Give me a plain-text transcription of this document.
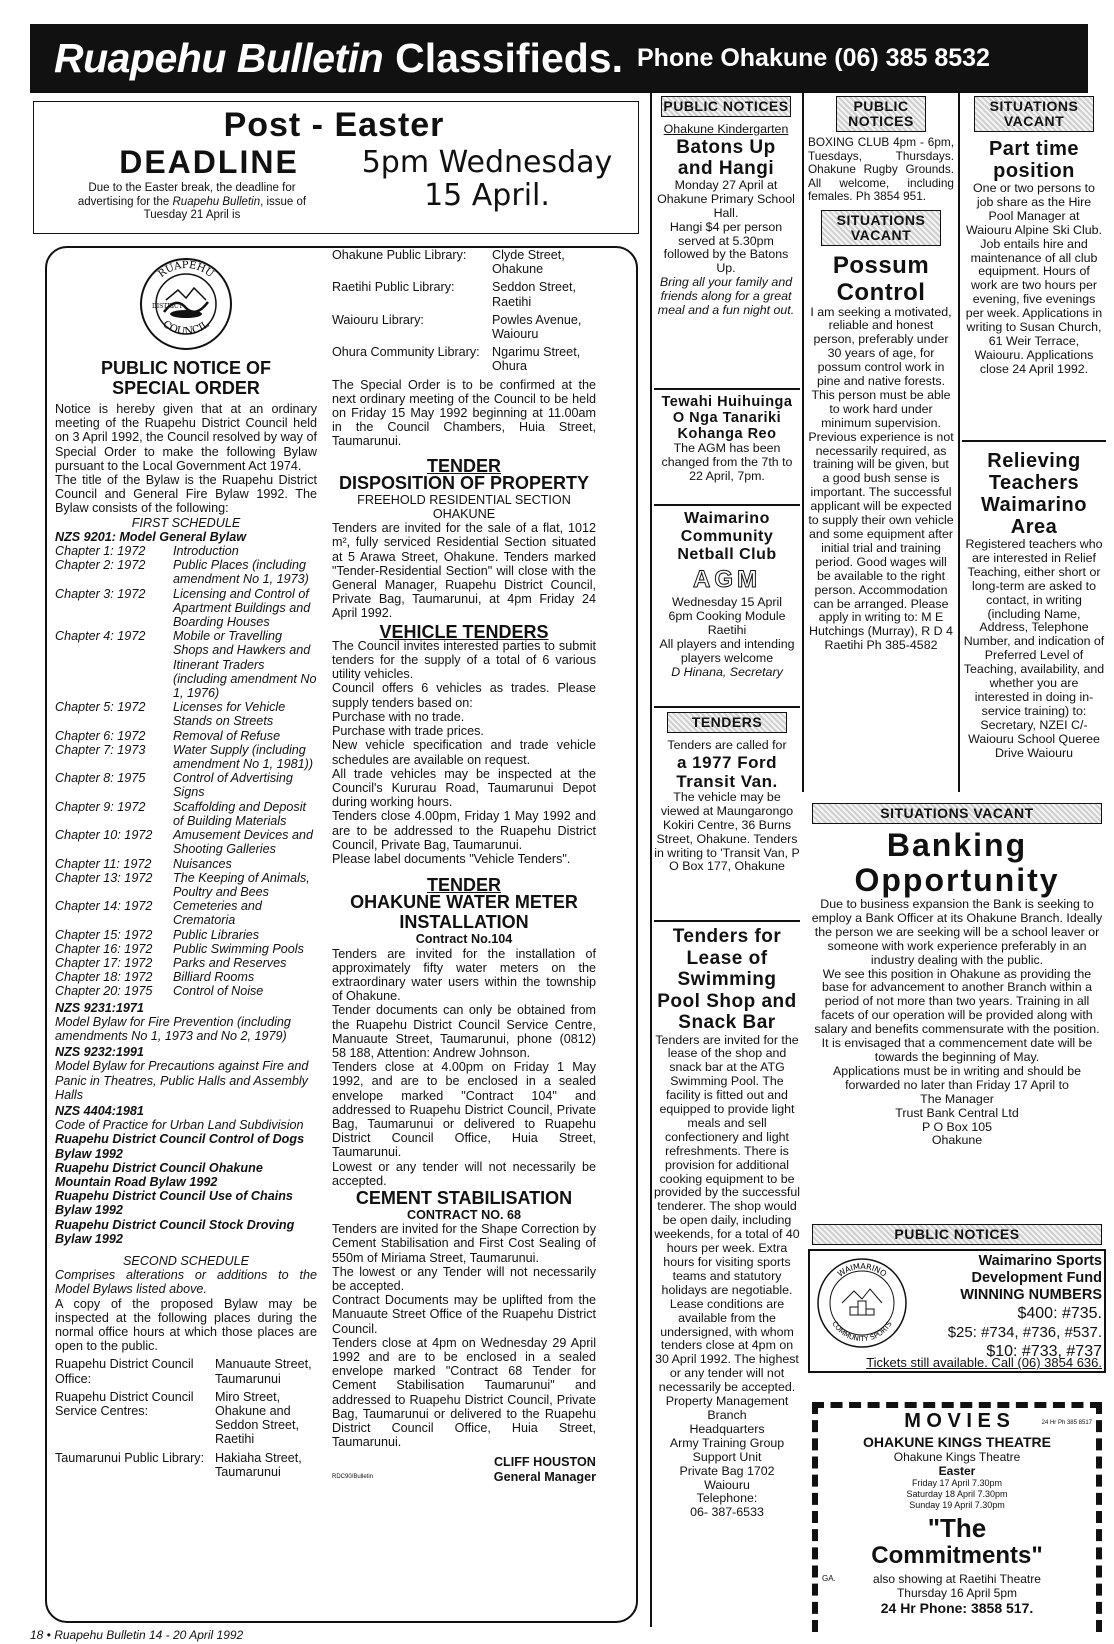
Ruapehu Bulletin Classifieds. Phone Ohakune (06) 385 8532
Post - Easter
DEADLINE
Due to the Easter break, the deadline for
advertising for the Ruapehu Bulletin, issue of
Tuesday 21 April is
5pm Wednesday
15 April.
RUAPEHU
COUNCIL
DISTRICT
PUBLIC NOTICE OF
SPECIAL ORDER
Notice is hereby given that at an ordinary meeting of the Ruapehu District Council held on 3 April 1992, the Council resolved by way of Special Order to make the following Bylaw pursuant to the Local Government Act 1974.
The title of the Bylaw is the Ruapehu District Council and General Fire Bylaw 1992. The Bylaw consists of the following:
FIRST SCHEDULE
NZS 9201: Model General Bylaw
Chapter 1: 1972	Introduction
Chapter 2: 1972	Public Places (including amendment No 1, 1973)
Chapter 3: 1972	Licensing and Control of Apartment Buildings and Boarding Houses
Chapter 4: 1972	Mobile or Travelling Shops and Hawkers and Itinerant Traders (including amendment No 1, 1976)
Chapter 5: 1972	Licenses for Vehicle Stands on Streets
Chapter 6: 1972	Removal of Refuse
Chapter 7: 1973	Water Supply (including amendment No 1, 1981))
Chapter 8: 1975	Control of Advertising Signs
Chapter 9: 1972	Scaffolding and Deposit of Building Materials
Chapter 10: 1972	Amusement Devices and Shooting Galleries
Chapter 11: 1972	Nuisances
Chapter 13: 1972	The Keeping of Animals, Poultry and Bees
Chapter 14: 1972	Cemeteries and Crematoria
Chapter 15: 1972	Public Libraries
Chapter 16: 1972	Public Swimming Pools
Chapter 17: 1972	Parks and Reserves
Chapter 18: 1972	Billiard Rooms
Chapter 20: 1975	Control of Noise
NZS 9231:1971
Model Bylaw for Fire Prevention (including amendments No 1, 1973 and No 2, 1979)
NZS 9232:1991
Model Bylaw for Precautions against Fire and Panic in Theatres, Public Halls and Assembly Halls
NZS 4404:1981
Code of Practice for Urban Land Subdivision
Ruapehu District Council Control of Dogs Bylaw 1992
Ruapehu District Council Ohakune Mountain Road Bylaw 1992
Ruapehu District Council Use of Chains Bylaw 1992
Ruapehu District Council Stock Droving Bylaw 1992
SECOND SCHEDULE
Comprises alterations or additions to the Model Bylaws listed above.
A copy of the proposed Bylaw may be inspected at the following places during the normal office hours at which those places are open to the public.
Ruapehu District Council Office:
Manuaute Street, Taumarunui
Ruapehu District Council Service Centres:
Miro Street, Ohakune and Seddon Street, Raetihi
Taumarunui Public Library: Hakiaha Street, Taumarunui
Ohakune Public Library:	Clyde Street, Ohakune
Raetihi Public Library:	Seddon Street, Raetihi
Waiouru Library:	Powles Avenue, Waiouru
Ohura Community Library: Ngarimu Street, Ohura
The Special Order is to be confirmed at the next ordinary meeting of the Council to be held on Friday 15 May 1992 beginning at 11.00am in the Council Chambers, Huia Street, Taumarunui.
TENDER
DISPOSITION OF PROPERTY
FREEHOLD RESIDENTIAL SECTION
OHAKUNE
Tenders are invited for the sale of a flat, 1012 m², fully serviced Residential Section situated at 5 Arawa Street, Ohakune. Tenders marked "Tender-Residential Section" will close with the General Manager, Ruapehu District Council, Private Bag, Taumarunui, at 4pm Friday 24 April 1992.
VEHICLE TENDERS
The Council invites interested parties to submit tenders for the supply of a total of 6 various utility vehicles.
Council offers 6 vehicles as trades. Please supply tenders based on:
Purchase with no trade.
Purchase with trade prices.
New vehicle specification and trade vehicle schedules are available on request.
All trade vehicles may be inspected at the Council's Kururau Road, Taumarunui Depot during working hours.
Tenders close 4.00pm, Friday 1 May 1992 and are to be addressed to the Ruapehu District Council, Private Bag, Taumarunui.
Please label documents "Vehicle Tenders".
TENDER
OHAKUNE WATER METER
INSTALLATION
Contract No.104
Tenders are invited for the installation of approximately fifty water meters on the extraordinary water users within the township of Ohakune.
Tender documents can only be obtained from the Ruapehu District Council Service Centre, Manuaute Street, Taumarunui, phone (0812) 58 188, Attention: Andrew Johnson.
Tenders close at 4.00pm on Friday 1 May 1992, and are to be enclosed in a sealed envelope marked "Contract 104" and addressed to Ruapehu District Council, Private Bag, Taumarunui or delivered to Ruapehu District Council Office, Huia Street, Taumarunui.
Lowest or any tender will not necessarily be accepted.
CEMENT STABILISATION
CONTRACT NO. 68
Tenders are invited for the Shape Correction by Cement Stabilisation and First Cost Sealing of 550m of Miriama Street, Taumarunui.
The lowest or any Tender will not necessarily be accepted.
Contract Documents may be uplifted from the Manuaute Street Office of the Ruapehu District Council.
Tenders close at 4pm on Wednesday 29 April 1992 and are to be enclosed in a sealed envelope marked "Contract 68 Tender for Cement Stabilisation Taumarunui" and addressed to Ruapehu District Council, Private Bag, Taumarunui or delivered to the Ruapehu District Council Office, Huia Street, Taumarunui.
RDC90/Bulletin
CLIFF HOUSTON
General Manager
PUBLIC NOTICES
Ohakune Kindergarten
Batons Up and Hangi
Monday 27 April at Ohakune Primary School Hall.
Hangi $4 per person served at 5.30pm followed by the Batons Up.
Bring all your family and friends along for a great meal and a fun night out.
Tewahi Huihuinga O Nga Tanariki Kohanga Reo
The AGM has been changed from the 7th to 22 April, 7pm.
Waimarino Community Netball Club
AGM
Wednesday 15 April
6pm Cooking Module
Raetihi
All players and intending players welcome
D Hinana, Secretary
TENDERS
Tenders are called for
a 1977 Ford Transit Van.
The vehicle may be viewed at Maungarongo Kokiri Centre, 36 Burns Street, Ohakune. Tenders in writing to 'Transit Van, P O Box 177, Ohakune
Tenders for Lease of Swimming Pool Shop and Snack Bar
Tenders are invited for the lease of the shop and snack bar at the ATG Swimming Pool. The facility is fitted out and equipped to provide light meals and sell confectionery and light refreshments. There is provision for additional cooking equipment to be provided by the successful tenderer. The shop would be open daily, including weekends, for a total of 40 hours per week. Extra hours for visiting sports teams and statutory holidays are negotiable. Lease conditions are available from the undersigned, with whom tenders close at 4pm on 30 April 1992. The highest or any tender will not necessarily be accepted.
Property Management Branch
Headquarters
Army Training Group
Support Unit
Private Bag 1702
Waiouru
Telephone:
06- 387-6533
PUBLIC NOTICES
BOXING CLUB 4pm - 6pm, Tuesdays, Thursdays. Ohakune Rugby Grounds. All welcome, including females. Ph 3854 951.
SITUATIONS VACANT
Possum Control
I am seeking a motivated, reliable and honest person, preferably under 30 years of age, for possum control work in pine and native forests. This person must be able to work hard under minimum supervision. Previous experience is not necessarily required, as training will be given, but a good bush sense is important. The successful applicant will be expected to supply their own vehicle and some equipment after initial trial and training period. Good wages will be available to the right person. Accommodation can be arranged. Please apply in writing to: M E Hutchings (Murray), R D 4 Raetihi Ph 385-4582
SITUATIONS VACANT
Part time position
One or two persons to job share as the Hire Pool Manager at Waiouru Alpine Ski Club. Job entails hire and maintenance of all club equipment. Hours of work are two hours per evening, five evenings per week. Applications in writing to Susan Church, 61 Weir Terrace, Waiouru. Applications close 24 April 1992.
Relieving Teachers Waimarino Area
Registered teachers who are interested in Relief Teaching, either short or long-term are asked to contact, in writing (including Name, Address, Telephone Number, and indication of Preferred Level of Teaching, availability, and whether you are interested in doing in-service training) to: Secretary, NZEI C/- Waiouru School Queree Drive Waiouru
SITUATIONS VACANT
Banking
Opportunity
Due to business expansion the Bank is seeking to employ a Bank Officer at its Ohakune Branch. Ideally the person we are seeking will be a school leaver or someone with work experience preferably in an industry dealing with the public.
We see this position in Ohakune as providing the base for advancement to another Branch within a period of not more than two years. Training in all facets of our operation will be provided along with salary and benefits commensurate with the position.
It is envisaged that a commencement date will be towards the beginning of May.
Applications must be in writing and should be forwarded no later than Friday 17 April to
The Manager
Trust Bank Central Ltd
P O Box 105
Ohakune
PUBLIC NOTICES
WAIMARINO
COMMUNITY SPORTS
Waimarino Sports
Development Fund
WINNING NUMBERS
$400: #735.
$25: #734, #736, #537.
$10: #733, #737
Tickets still available. Call (06) 3854 636.
M O V I E S	24 Hr Ph 385 8517
OHAKUNE KINGS THEATRE
Ohakune Kings Theatre
Easter
Friday 17 April 7.30pm
Saturday 18 April 7.30pm
Sunday 19 April 7.30pm
"The
Commitments"
GA.	also showing at Raetihi Theatre
Thursday 16 April 5pm
24 Hr Phone: 3858 517.
18 • Ruapehu Bulletin 14 - 20 April 1992
